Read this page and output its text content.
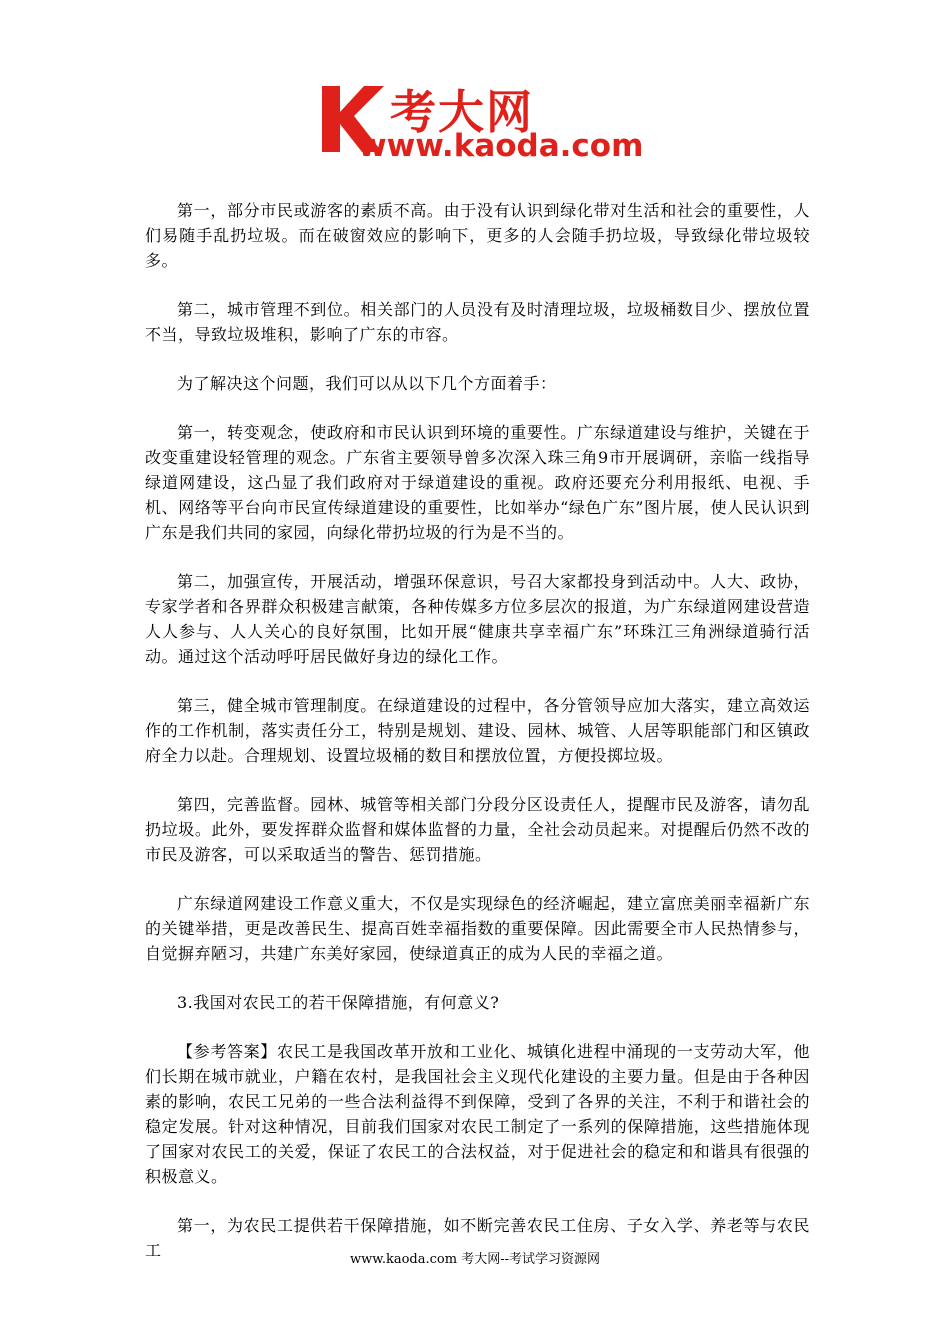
考大网
www.kaoda.com

第一，部分市民或游客的素质不高。由于没有认识到绿化带对生活和社会的重要性，人们易随手乱扔垃圾。而在破窗效应的影响下，更多的人会随手扔垃圾，导致绿化带垃圾较多。

第二，城市管理不到位。相关部门的人员没有及时清理垃圾，垃圾桶数目少、摆放位置不当，导致垃圾堆积，影响了广东的市容。

为了解决这个问题，我们可以从以下几个方面着手：

第一，转变观念，使政府和市民认识到环境的重要性。广东绿道建设与维护，关键在于改变重建设轻管理的观念。广东省主要领导曾多次深入珠三角9市开展调研，亲临一线指导绿道网建设，这凸显了我们政府对于绿道建设的重视。政府还要充分利用报纸、电视、手机、网络等平台向市民宣传绿道建设的重要性，比如举办“绿色广东”图片展，使人民认识到广东是我们共同的家园，向绿化带扔垃圾的行为是不当的。

第二，加强宣传，开展活动，增强环保意识，号召大家都投身到活动中。人大、政协，专家学者和各界群众积极建言献策，各种传媒多方位多层次的报道，为广东绿道网建设营造人人参与、人人关心的良好氛围，比如开展“健康共享幸福广东”环珠江三角洲绿道骑行活动。通过这个活动呼吁居民做好身边的绿化工作。

第三，健全城市管理制度。在绿道建设的过程中，各分管领导应加大落实，建立高效运作的工作机制，落实责任分工，特别是规划、建设、园林、城管、人居等职能部门和区镇政府全力以赴。合理规划、设置垃圾桶的数目和摆放位置，方便投掷垃圾。

第四，完善监督。园林、城管等相关部门分段分区设责任人，提醒市民及游客，请勿乱扔垃圾。此外，要发挥群众监督和媒体监督的力量，全社会动员起来。对提醒后仍然不改的市民及游客，可以采取适当的警告、惩罚措施。

广东绿道网建设工作意义重大，不仅是实现绿色的经济崛起，建立富庶美丽幸福新广东的关键举措，更是改善民生、提高百姓幸福指数的重要保障。因此需要全市人民热情参与，自觉摒弃陋习，共建广东美好家园，使绿道真正的成为人民的幸福之道。

3.我国对农民工的若干保障措施，有何意义?

【参考答案】农民工是我国改革开放和工业化、城镇化进程中涌现的一支劳动大军，他们长期在城市就业，户籍在农村，是我国社会主义现代化建设的主要力量。但是由于各种因素的影响，农民工兄弟的一些合法利益得不到保障，受到了各界的关注，不利于和谐社会的稳定发展。针对这种情况，目前我们国家对农民工制定了一系列的保障措施，这些措施体现了国家对农民工的关爱，保证了农民工的合法权益，对于促进社会的稳定和和谐具有很强的积极意义。

第一，为农民工提供若干保障措施，如不断完善农民工住房、子女入学、养老等与农民工	www.kaoda.com 考大网--考试学习资源网
